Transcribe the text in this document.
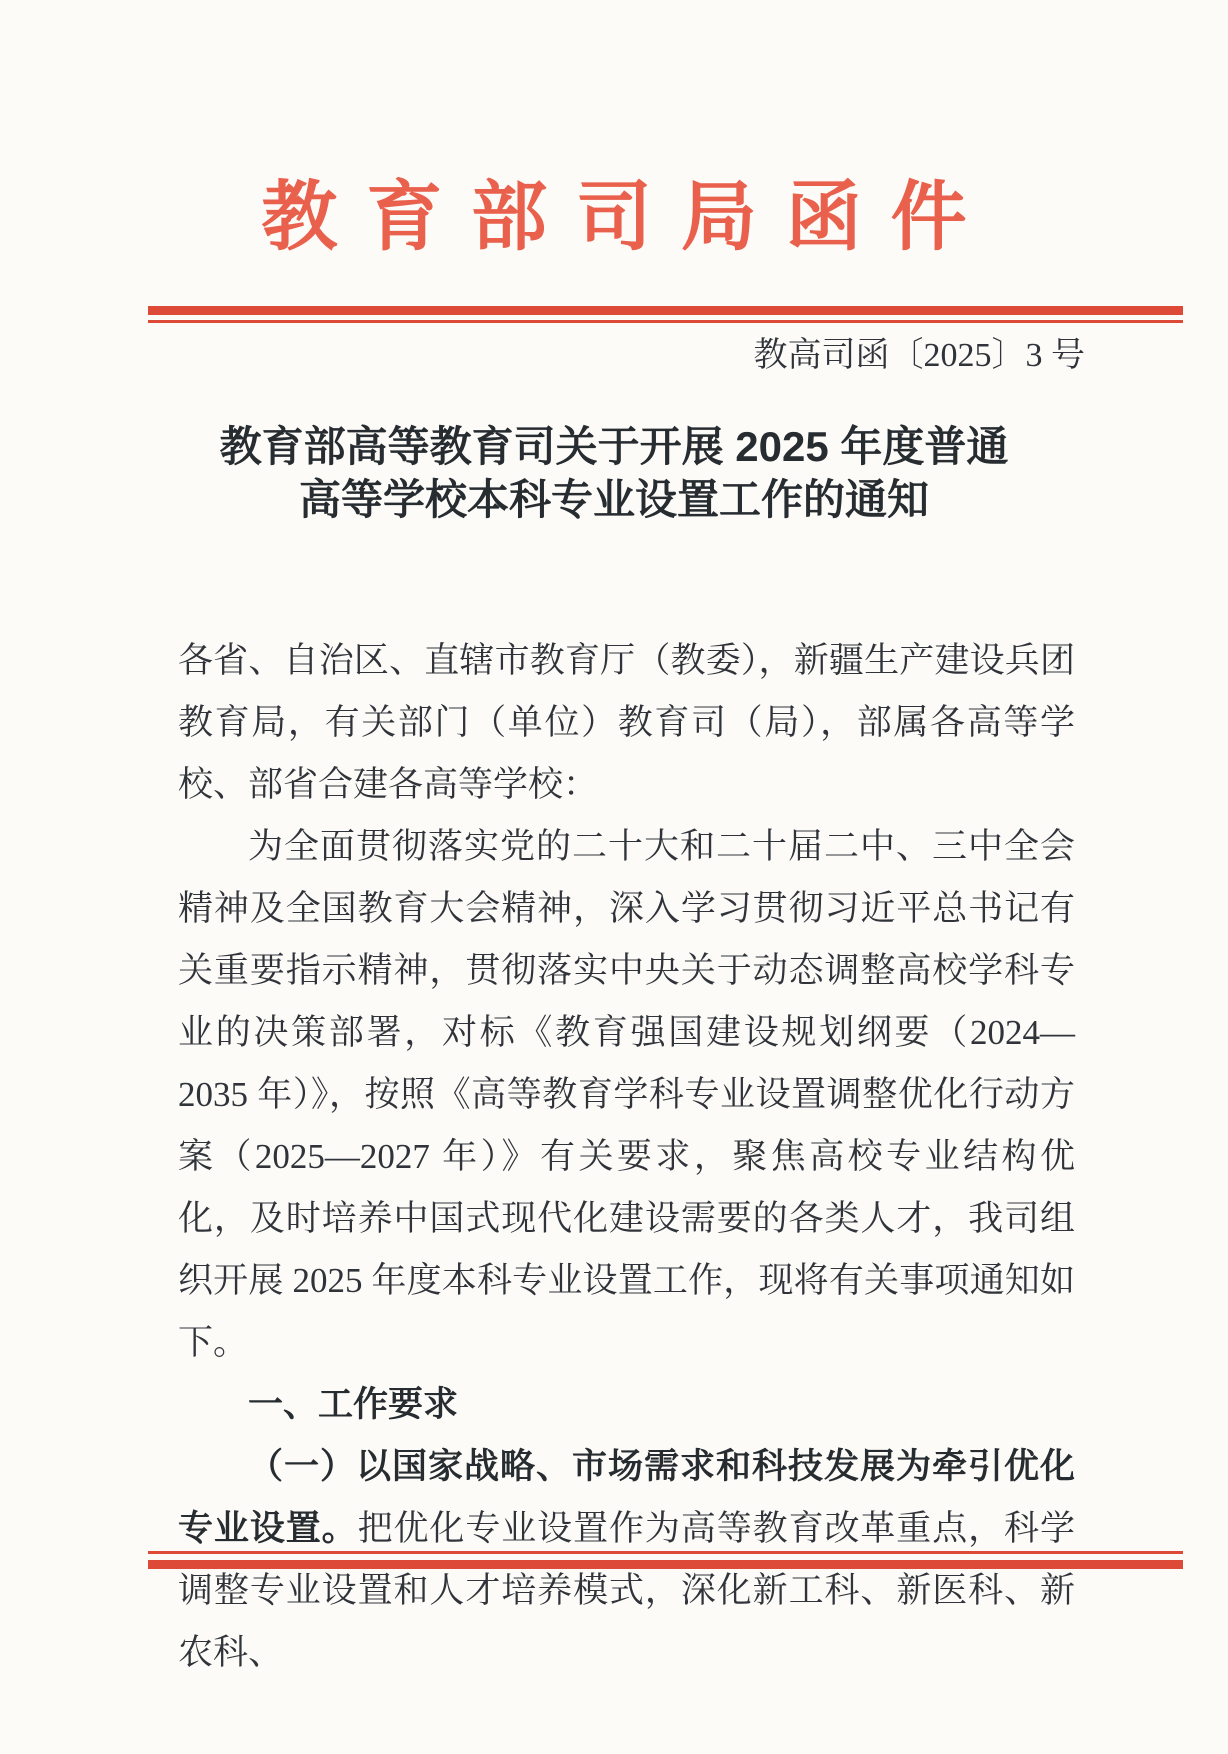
教育部司局函件
教高司函〔2025〕3 号
教育部高等教育司关于开展 2025 年度普通
高等学校本科专业设置工作的通知

各省、自治区、直辖市教育厅（教委），新疆生产建设兵团教育局，有关部门（单位）教育司（局），部属各高等学校、部省合建各高等学校：

为全面贯彻落实党的二十大和二十届二中、三中全会精神及全国教育大会精神，深入学习贯彻习近平总书记有关重要指示精神，贯彻落实中央关于动态调整高校学科专业的决策部署，对标《教育强国建设规划纲要（2024—2035 年）》，按照《高等教育学科专业设置调整优化行动方案（2025—2027 年）》有关要求，聚焦高校专业结构优化，及时培养中国式现代化建设需要的各类人才，我司组织开展 2025 年度本科专业设置工作，现将有关事项通知如下。

一、工作要求

（一）以国家战略、市场需求和科技发展为牵引优化专业设置。把优化专业设置作为高等教育改革重点，科学调整专业设置和人才培养模式，深化新工科、新医科、新农科、
